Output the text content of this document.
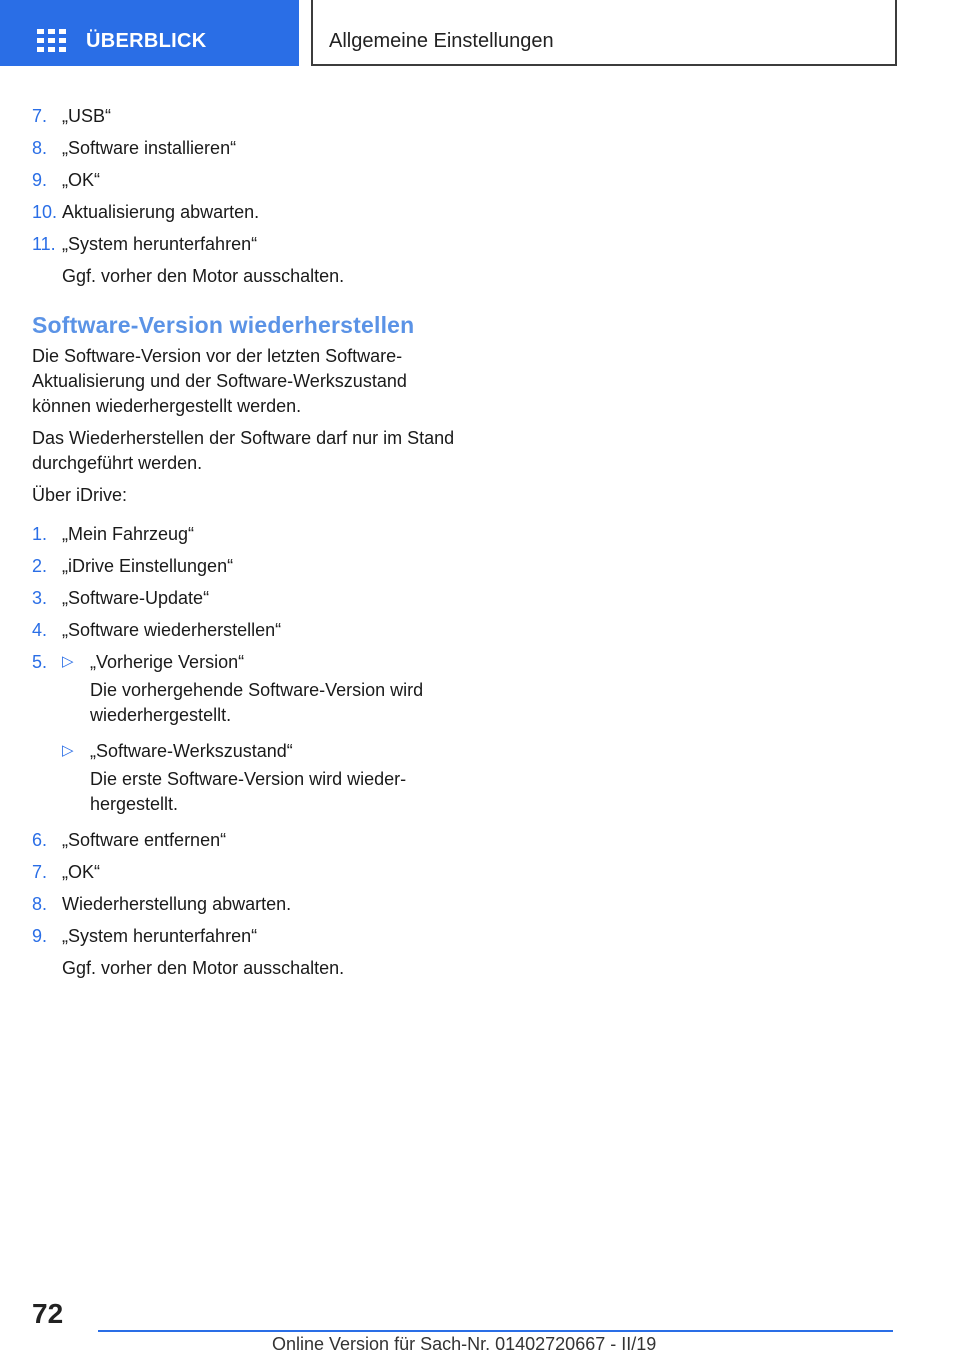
ÜBERBLICK	Allgemeine Einstellungen
7. „USB“
8. „Software installieren“
9. „OK“
10. Aktualisierung abwarten.
11. „System herunterfahren“
Ggf. vorher den Motor ausschalten.
Software-Version wiederherstellen
Die Software-Version vor der letzten Software-Aktualisierung und der Software-Werkszustand können wiederhergestellt werden.
Das Wiederherstellen der Software darf nur im Stand durchgeführt werden.
Über iDrive:
1. „Mein Fahrzeug“
2. „iDrive Einstellungen“
3. „Software-Update“
4. „Software wiederherstellen“
5. ▷ „Vorherige Version“
Die vorhergehende Software-Version wird wiederhergestellt.
▷ „Software-Werkszustand“
Die erste Software-Version wird wiederhergestellt.
6. „Software entfernen“
7. „OK“
8. Wiederherstellung abwarten.
9. „System herunterfahren“
Ggf. vorher den Motor ausschalten.
72
Online Version für Sach-Nr. 01402720667 - II/19
